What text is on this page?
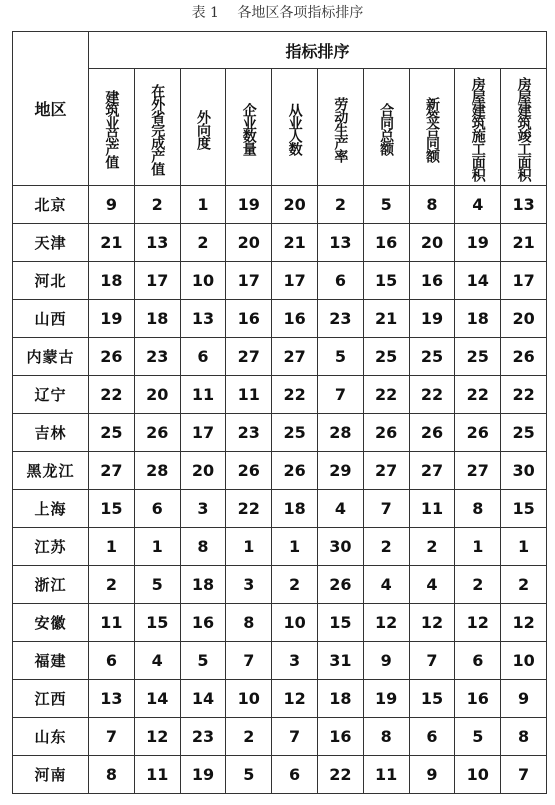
表 1 各地区各项指标排序
地区	指标排序									
	建筑业总产值	在外省完成产值	外向度	企业数量	从业人数	劳动生产率	合同总额	新签合同额	房屋建筑施工面积	房屋建筑竣工面积
北京	9	2	1	19	20	2	5	8	4	13
天津	21	13	2	20	21	13	16	20	19	21
河北	18	17	10	17	17	6	15	16	14	17
山西	19	18	13	16	16	23	21	19	18	20
内蒙古	26	23	6	27	27	5	25	25	25	26
辽宁	22	20	11	11	22	7	22	22	22	22
吉林	25	26	17	23	25	28	26	26	26	25
黑龙江	27	28	20	26	26	29	27	27	27	30
上海	15	6	3	22	18	4	7	11	8	15
江苏	1	1	8	1	1	30	2	2	1	1
浙江	2	5	18	3	2	26	4	4	2	2
安徽	11	15	16	8	10	15	12	12	12	12
福建	6	4	5	7	3	31	9	7	6	10
江西	13	14	14	10	12	18	19	15	16	9
山东	7	12	23	2	7	16	8	6	5	8
河南	8	11	19	5	6	22	11	9	10	7
